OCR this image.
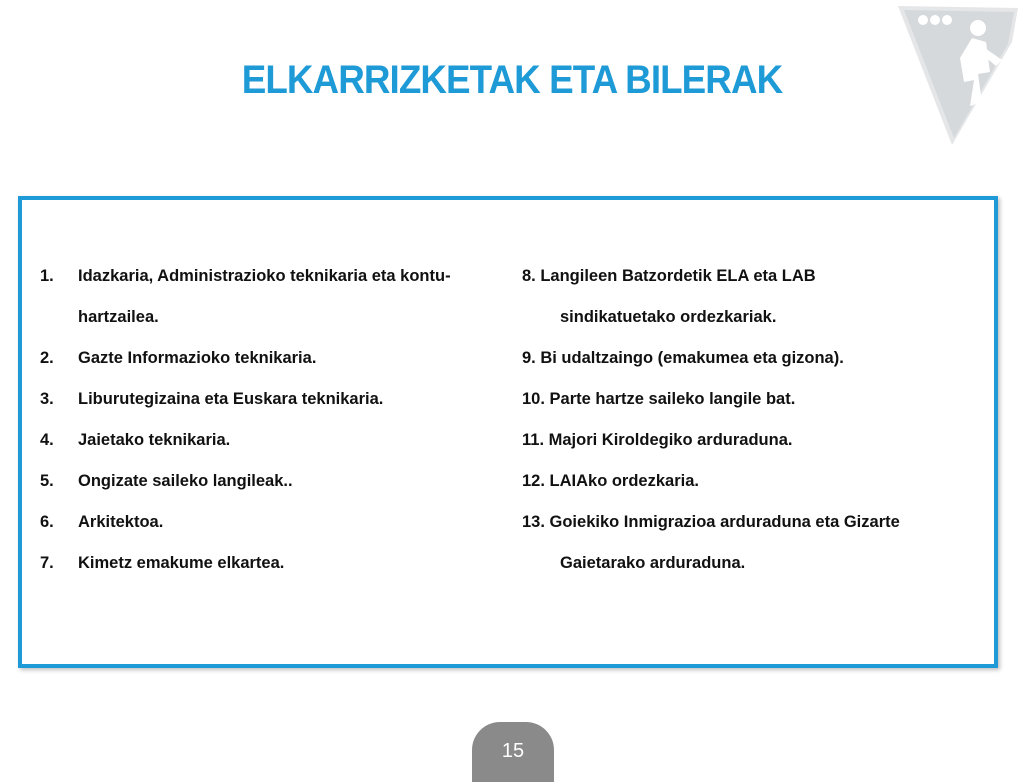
ELKARRIZKETAK ETA BILERAK
1. Idazkaria, Administrazioko teknikaria eta kontu-
hartzailea.
2. Gazte Informazioko teknikaria.
3. Liburutegizaina eta Euskara teknikaria.
4. Jaietako teknikaria.
5. Ongizate saileko langileak..
6. Arkitektoa.
7. Kimetz emakume elkartea.
8. Langileen Batzordetik ELA eta LAB
sindikatuetako ordezkariak.
9. Bi udaltzaingo (emakumea eta gizona).
10. Parte hartze saileko langile bat.
11. Majori Kiroldegiko arduraduna.
12. LAIAko ordezkaria.
13. Goiekiko Inmigrazioa arduraduna eta Gizarte
Gaietarako arduraduna.
15
